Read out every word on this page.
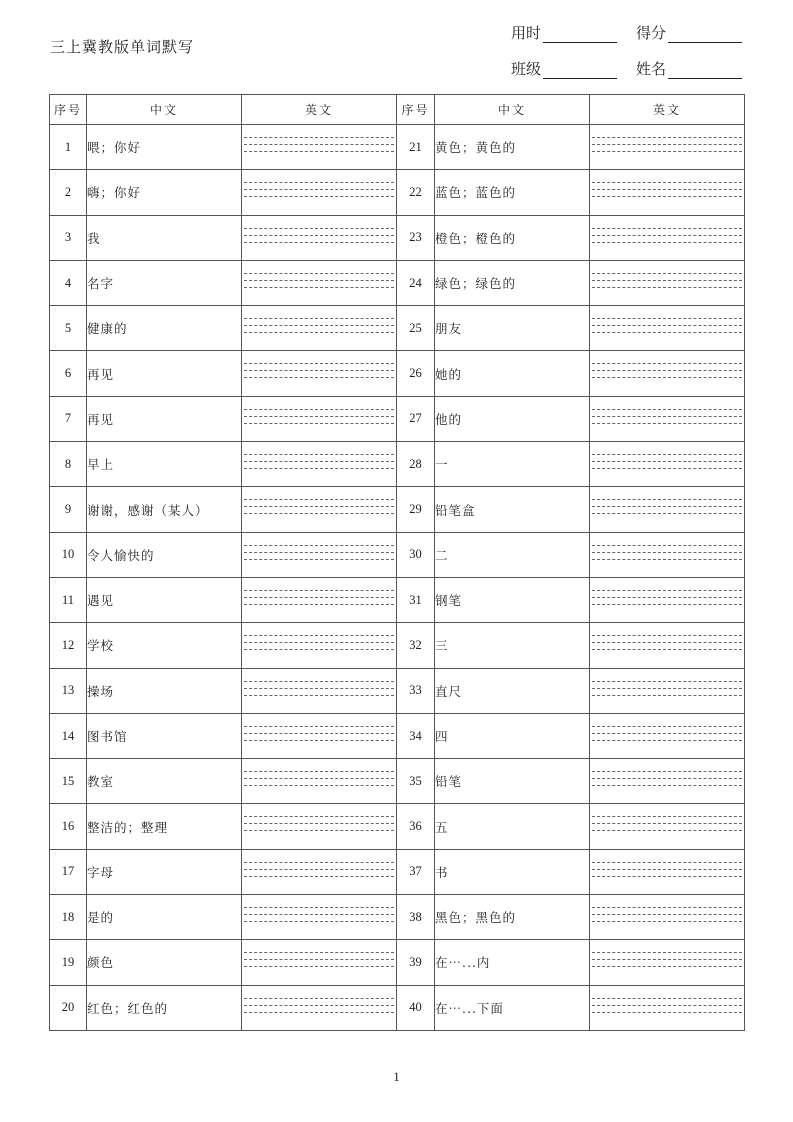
三上冀教版单词默写
用时	得分
班级	姓名
序号	中文	英文	序号	中文	英文
1	喂；你好		21	黄色；黄色的	

2	嗨；你好		22	蓝色；蓝色的	

3	我		23	橙色；橙色的	

4	名字		24	绿色；绿色的	

5	健康的		25	朋友	

6	再见		26	她的	

7	再见		27	他的	

8	早上		28	一	

9	谢谢，感谢（某人）		29	铅笔盒	

10	令人愉快的		30	二	

11	遇见		31	钢笔	

12	学校		32	三	

13	操场		33	直尺	

14	图书馆		34	四	

15	教室		35	铅笔	

16	整洁的；整理		36	五	

17	字母		37	书	

18	是的		38	黑色；黑色的	

19	颜色		39	在⋯...内	

20	红色；红色的		40	在⋯...下面	
1
